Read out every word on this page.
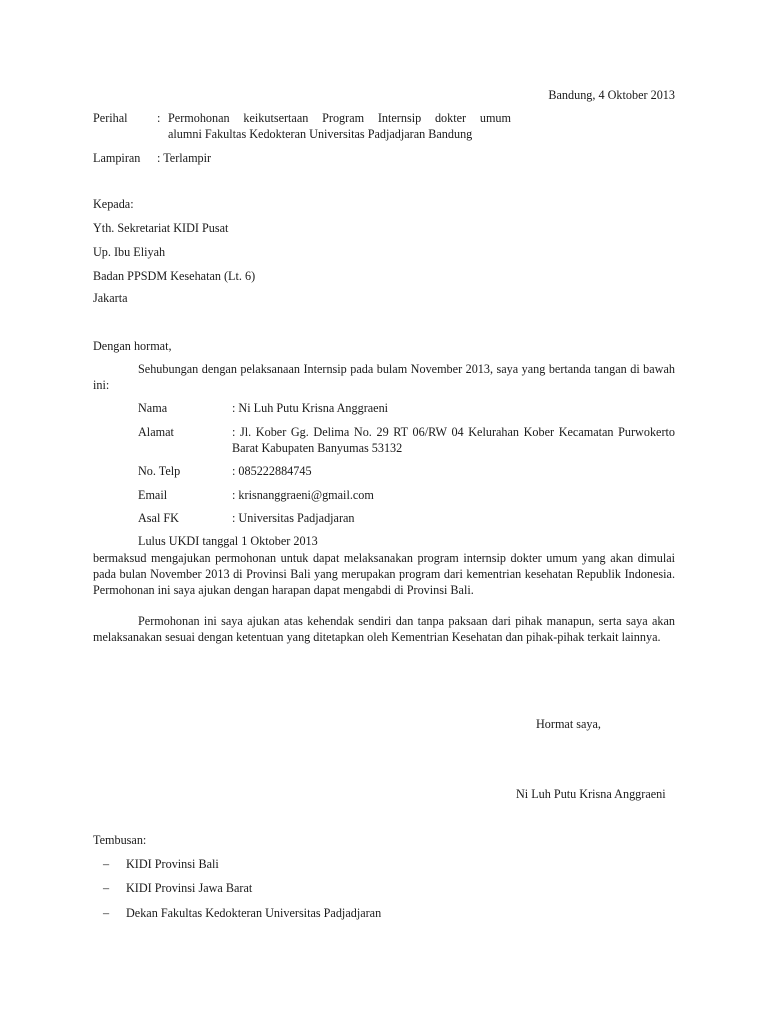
Bandung, 4 Oktober 2013
Perihal : Permohonan keikutsertaan Program Internsip dokter umum
alumni Fakultas Kedokteran Universitas Padjadjaran Bandung
Lampiran : Terlampir
Kepada:
Yth. Sekretariat KIDI Pusat
Up. Ibu Eliyah
Badan PPSDM Kesehatan (Lt. 6)
Jakarta
Dengan hormat,
Sehubungan dengan pelaksanaan Internsip pada bulam November 2013, saya yang bertanda tangan di bawah ini:
Nama	: Ni Luh Putu Krisna Anggraeni
Alamat	: Jl. Kober Gg. Delima No. 29 RT 06/RW 04 Kelurahan Kober Kecamatan Purwokerto Barat Kabupaten Banyumas 53132
No. Telp	: 085222884745
Email	: krisnanggraeni@gmail.com
Asal FK	: Universitas Padjadjaran
Lulus UKDI tanggal 1 Oktober 2013
bermaksud mengajukan permohonan untuk dapat melaksanakan program internsip dokter umum yang akan dimulai pada bulan November 2013 di Provinsi Bali yang merupakan program dari kementrian kesehatan Republik Indonesia. Permohonan ini saya ajukan dengan harapan dapat mengabdi di Provinsi Bali.
Permohonan ini saya ajukan atas kehendak sendiri dan tanpa paksaan dari pihak manapun, serta saya akan melaksanakan sesuai dengan ketentuan yang ditetapkan oleh Kementrian Kesehatan dan pihak-pihak terkait lainnya.
Hormat saya,
Ni Luh Putu Krisna Anggraeni
Tembusan:
– KIDI Provinsi Bali
– KIDI Provinsi Jawa Barat
– Dekan Fakultas Kedokteran Universitas Padjadjaran
